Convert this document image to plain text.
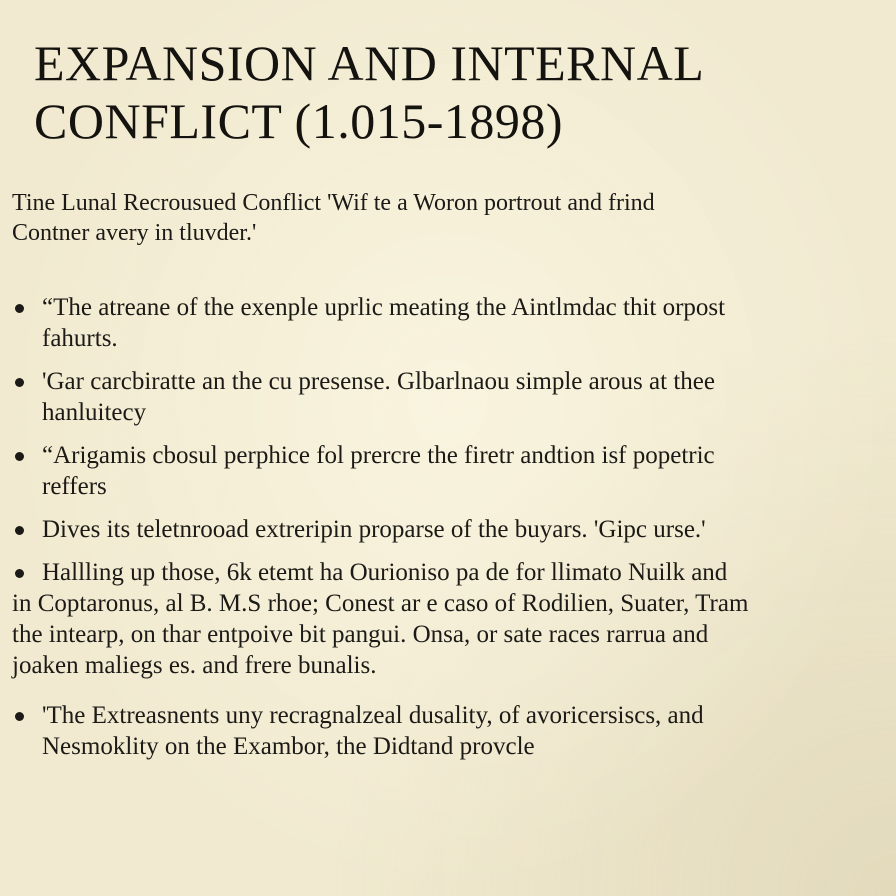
EXPANSION AND INTERNAL
CONFLICT (1.015-1898)

Tine Lunal Recrousued Conflict 'Wif te a Woron portrout and frind
Contner avery in tluvder.'

“The atreane of the exenple uprlic meating the Aintlmdac thit orpost
fahurts.
'Gar carcbiratte an the cu presense. Glbarlnaou simple arous at thee
hanluitecy
“Arigamis cbosul perphice fol prercre the firetr andtion isf popetric
reffers
Dives its teletnrooad extreripin proparse of the buyars. 'Gipc urse.'
Hallling up those, 6k etemt ha Ourioniso pa de for llimato Nuilk and
in Coptaronus, al B. M.S rhoe; Conest ar e caso of Rodilien, Suater, Tram
the intearp, on thar entpoive bit pangui. Onsa, or sate races rarrua and
joaken maliegs es. and frere bunalis.
'The Extreasnents uny recragnalzeal dusality, of avoricersiscs, and
Nesmoklity on the Exambor, the Didtand provcle
